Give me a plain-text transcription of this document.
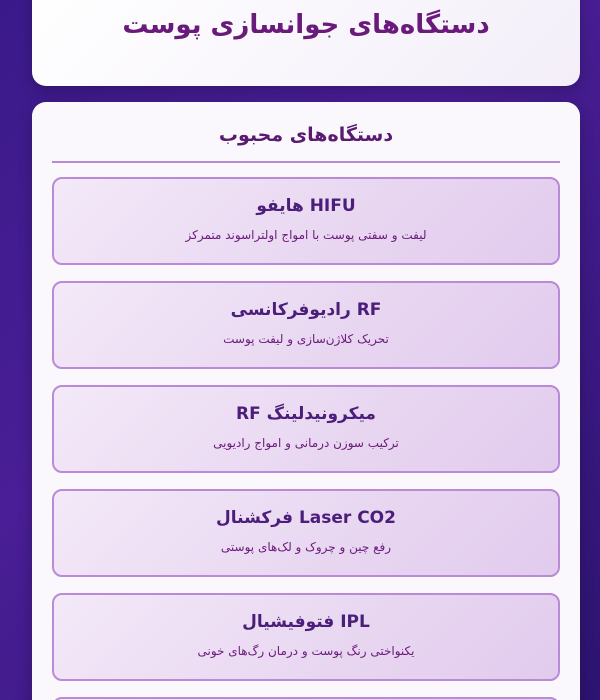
دستگاه‌های جوانسازی پوست
دستگاه‌های محبوب
HIFU هایفو
لیفت و سفتی پوست با امواج اولتراسوند متمرکز
RF رادیوفرکانسی
تحریک کلاژن‌سازی و لیفت پوست
میکرونیدلینگ RF
ترکیب سوزن درمانی و امواج رادیویی
Laser CO2 فرکشنال
رفع چین و چروک و لک‌های پوستی
IPL فتوفیشیال
یکنواختی رنگ پوست و درمان رگ‌های خونی
